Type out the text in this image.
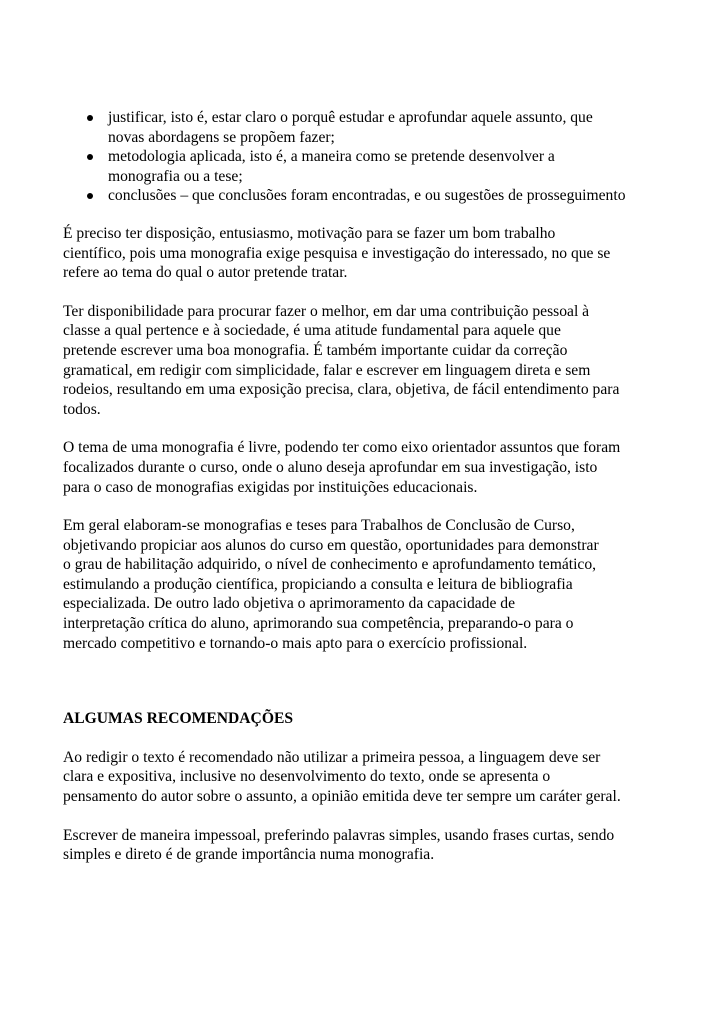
justificar, isto é, estar claro o porquê estudar e aprofundar aquele assunto, que
novas abordagens se propõem fazer;
metodologia aplicada, isto é, a maneira como se pretende desenvolver a
monografia ou a tese;
conclusões – que conclusões foram encontradas, e ou sugestões de prosseguimento
É preciso ter disposição, entusiasmo, motivação para se fazer um bom trabalho
científico, pois uma monografia exige pesquisa e investigação do interessado, no que se
refere ao tema do qual o autor pretende tratar.
Ter disponibilidade para procurar fazer o melhor, em dar uma contribuição pessoal à
classe a qual pertence e à sociedade, é uma atitude fundamental para aquele que
pretende escrever uma boa monografia. É também importante cuidar da correção
gramatical, em redigir com simplicidade, falar e escrever em linguagem direta e sem
rodeios, resultando em uma exposição precisa, clara, objetiva, de fácil entendimento para
todos.
O tema de uma monografia é livre, podendo ter como eixo orientador assuntos que foram
focalizados durante o curso, onde o aluno deseja aprofundar em sua investigação, isto
para o caso de monografias exigidas por instituições educacionais.
Em geral elaboram-se monografias e teses para Trabalhos de Conclusão de Curso,
objetivando propiciar aos alunos do curso em questão, oportunidades para demonstrar
o grau de habilitação adquirido, o nível de conhecimento e aprofundamento temático,
estimulando a produção científica, propiciando a consulta e leitura de bibliografia
especializada. De outro lado objetiva o aprimoramento da capacidade de
interpretação crítica do aluno, aprimorando sua competência, preparando-o para o
mercado competitivo e tornando-o mais apto para o exercício profissional.
ALGUMAS RECOMENDAÇÕES
Ao redigir o texto é recomendado não utilizar a primeira pessoa, a linguagem deve ser
clara e expositiva, inclusive no desenvolvimento do texto, onde se apresenta o
pensamento do autor sobre o assunto, a opinião emitida deve ter sempre um caráter geral.
Escrever de maneira impessoal, preferindo palavras simples, usando frases curtas, sendo
simples e direto é de grande importância numa monografia.
